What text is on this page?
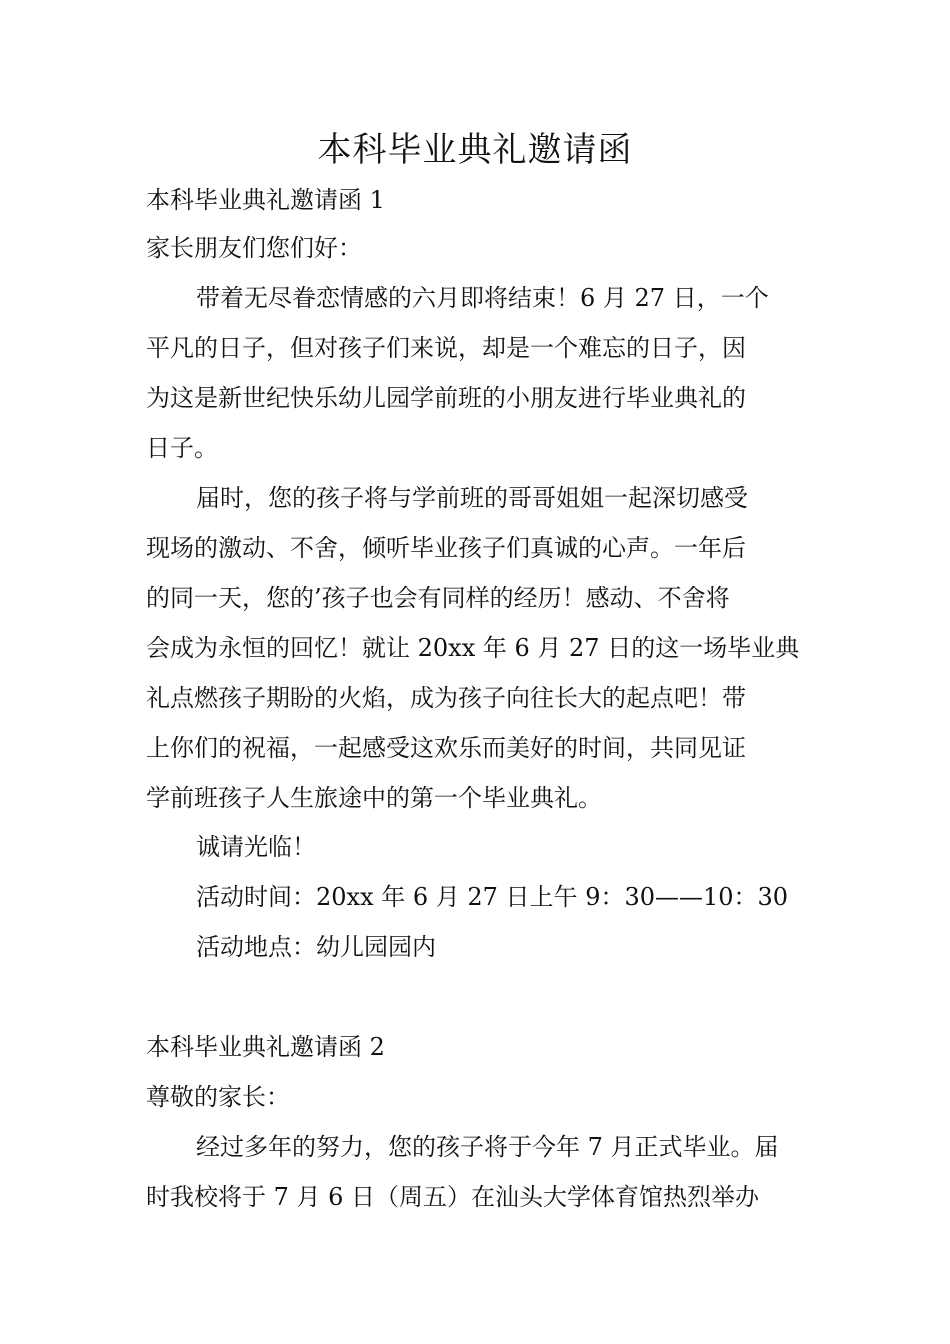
本科毕业典礼邀请函

本科毕业典礼邀请函 1

家长朋友们您们好：

带着无尽眷恋情感的六月即将结束！6 月 27 日，一个

平凡的日子，但对孩子们来说，却是一个难忘的日子，因

为这是新世纪快乐幼儿园学前班的小朋友进行毕业典礼的

日子。

届时，您的孩子将与学前班的哥哥姐姐一起深切感受

现场的激动、不舍，倾听毕业孩子们真诚的心声。一年后

的同一天，您的’孩子也会有同样的经历！感动、不舍将

会成为永恒的回忆！就让 20xx 年 6 月 27 日的这一场毕业典

礼点燃孩子期盼的火焰，成为孩子向往长大的起点吧！带

上你们的祝福，一起感受这欢乐而美好的时间，共同见证

学前班孩子人生旅途中的第一个毕业典礼。

诚请光临！

活动时间：20xx 年 6 月 27 日上午 9：30——10：30

活动地点：幼儿园园内

本科毕业典礼邀请函 2

尊敬的家长：

经过多年的努力，您的孩子将于今年 7 月正式毕业。届

时我校将于 7 月 6 日（周五）在汕头大学体育馆热烈举办
